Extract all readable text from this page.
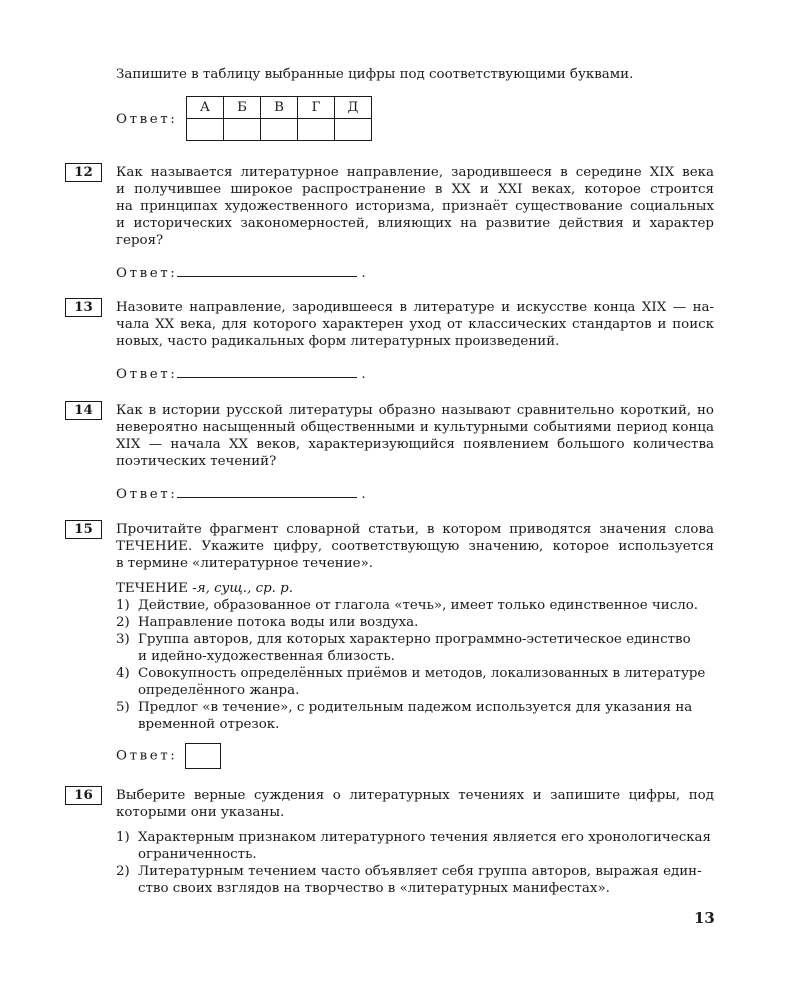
Запишите в таблицу выбранные цифры под соответствующими буквами.

Ответ:
А	Б	В	Г	Д

12	Как называется литературное направление, зародившееся в середине XIX века

и получившее широкое распространение в XX и XXI веках, которое строится

на принципах художественного историзма, признаёт существование социальных

и исторических закономерностей, влияющих на развитие действия и характер

героя?

Ответ:	.
13	Назовите направление, зародившееся в литературе и искусстве конца XIX — на-

чала XX века, для которого характерен уход от классических стандартов и поиск

новых, часто радикальных форм литературных произведений.

Ответ:	.
14	Как в истории русской литературы образно называют сравнительно короткий, но

невероятно насыщенный общественными и культурными событиями период конца

XIX — начала XX веков, характеризующийся появлением большого количества

поэтических течений?

Ответ:	.
15	Прочитайте фрагмент словарной статьи, в котором приводятся значения слова

ТЕЧЕНИЕ. Укажите цифру, соответствующую значению, которое используется

в термине «литературное течение».

ТЕЧЕНИЕ -я, сущ., ср. р.

1) Действие, образованное от глагола «течь», имеет только единственное число.
2) Направление потока воды или воздуха.
3) Группа авторов, для которых характерно программно-эстетическое единство
и идейно-художественная близость.
4) Совокупность определённых приёмов и методов, локализованных в литературе
определённого жанра.
5) Предлог «в течение», с родительным падежом используется для указания на
временной отрезок.
Ответ:
16	Выберите верные суждения о литературных течениях и запишите цифры, под

которыми они указаны.

1) Характерным признаком литературного течения является его хронологическая
ограниченность.
2) Литературным течением часто объявляет себя группа авторов, выражая един-
ство своих взглядов на творчество в «литературных манифестах».
13
